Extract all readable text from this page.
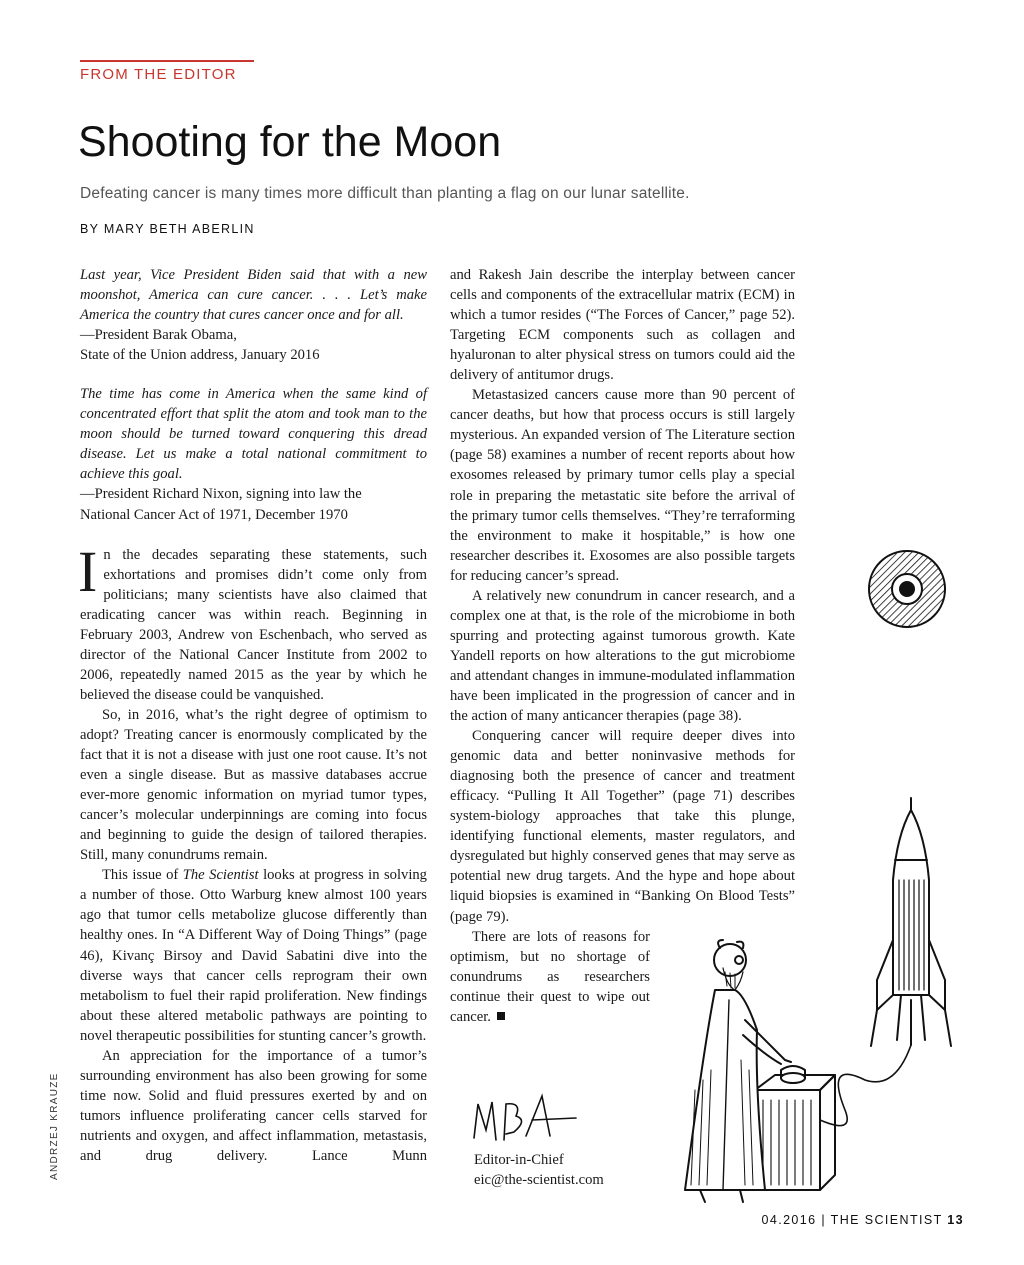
FROM THE EDITOR
Shooting for the Moon
Defeating cancer is many times more difficult than planting a flag on our lunar satellite.
BY MARY BETH ABERLIN

Last year, Vice President Biden said that with a new moonshot, America can cure cancer. . . . Let’s make America the country that cures cancer once and for all.

—President Barak Obama,

State of the Union address, January 2016

The time has come in America when the same kind of concentrated effort that split the atom and took man to the moon should be turned toward conquering this dread disease. Let us make a total national commitment to achieve this goal.

—President Richard Nixon, signing into law the

National Cancer Act of 1971, December 1970

In the decades separating these statements, such exhortations and promises didn’t come only from politicians; many scientists have also claimed that eradicating cancer was within reach. Beginning in February 2003, Andrew von Eschenbach, who served as director of the National Cancer Institute from 2002 to 2006, repeatedly named 2015 as the year by which he believed the disease could be vanquished.

So, in 2016, what’s the right degree of optimism to adopt? Treating cancer is enormously complicated by the fact that it is not a disease with just one root cause. It’s not even a single disease. But as massive databases accrue ever-more genomic information on myriad tumor types, cancer’s molecular underpinnings are coming into focus and beginning to guide the design of tailored therapies. Still, many conundrums remain.

This issue of The Scientist looks at progress in solving a number of those. Otto Warburg knew almost 100 years ago that tumor cells metabolize glucose differently than healthy ones. In “A Different Way of Doing Things” (page 46), Kivanç Birsoy and David Sabatini dive into the diverse ways that cancer cells reprogram their own metabolism to fuel their rapid proliferation. New findings about these altered metabolic pathways are pointing to novel therapeutic possibilities for stunting cancer’s growth.

An appreciation for the importance of a tumor’s surrounding environment has also been growing for some time now. Solid and fluid pressures exerted by and on tumors influence proliferating cancer cells starved for nutrients and oxygen, and affect inflammation, metastasis, and drug delivery. Lance Munn

and Rakesh Jain describe the interplay between cancer cells and components of the extracellular matrix (ECM) in which a tumor resides (“The Forces of Cancer,” page 52). Targeting ECM components such as collagen and hyaluronan to alter physical stress on tumors could aid the delivery of antitumor drugs.

Metastasized cancers cause more than 90 percent of cancer deaths, but how that process occurs is still largely mysterious. An expanded version of The Literature section (page 58) examines a number of recent reports about how exosomes released by primary tumor cells play a special role in preparing the metastatic site before the arrival of the primary tumor cells themselves. “They’re terraforming the environment to make it hospitable,” is how one researcher describes it. Exosomes are also possible targets for reducing cancer’s spread.

A relatively new conundrum in cancer research, and a complex one at that, is the role of the microbiome in both spurring and protecting against tumorous growth. Kate Yandell reports on how alterations to the gut microbiome and attendant changes in immune-modulated inflammation have been implicated in the progression of cancer and in the action of many anticancer therapies (page 38).

Conquering cancer will require deeper dives into genomic data and better noninvasive methods for diagnosing both the presence of cancer and treatment efficacy. “Pulling It All Together” (page 71) describes system-biology approaches that take this plunge, identifying functional elements, master regulators, and dysregulated but highly conserved genes that may serve as potential new drug targets. And the hype and hope about liquid biopsies is examined in “Banking On Blood Tests” (page 79).

There are lots of reasons for optimism, but no shortage of conundrums as researchers continue their quest to wipe out cancer.

Editor-in-Chief
eic@the-scientist.com
ANDRZEJ KRAUZE
04.2016 | THE SCIENTIST 13
